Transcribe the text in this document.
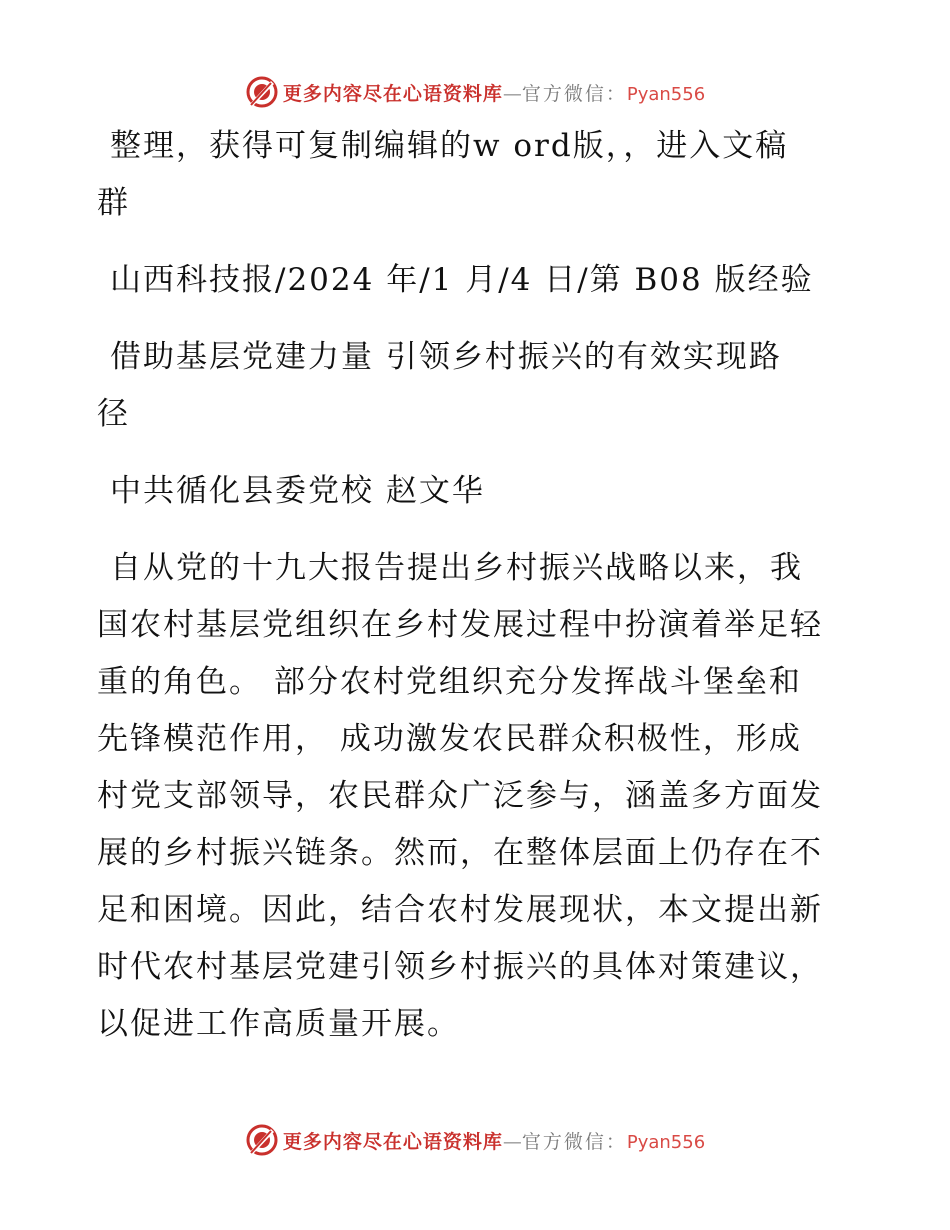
更多内容尽在心语资料库—官方微信：Pyan556

整理，获得可复制编辑的w ord版，，进入文稿
群

山西科技报/2024 年/1 月/4 日/第 B08 版经验

借助基层党建力量 引领乡村振兴的有效实现路
径

中共循化县委党校 赵文华

自从党的十九大报告提出乡村振兴战略以来，我
国农村基层党组织在乡村发展过程中扮演着举足轻
重的角色。 部分农村党组织充分发挥战斗堡垒和
先锋模范作用， 成功激发农民群众积极性，形成
村党支部领导，农民群众广泛参与，涵盖多方面发
展的乡村振兴链条。然而，在整体层面上仍存在不
足和困境。因此，结合农村发展现状，本文提出新
时代农村基层党建引领乡村振兴的具体对策建议，
以促进工作高质量开展。

更多内容尽在心语资料库—官方微信：Pyan556
